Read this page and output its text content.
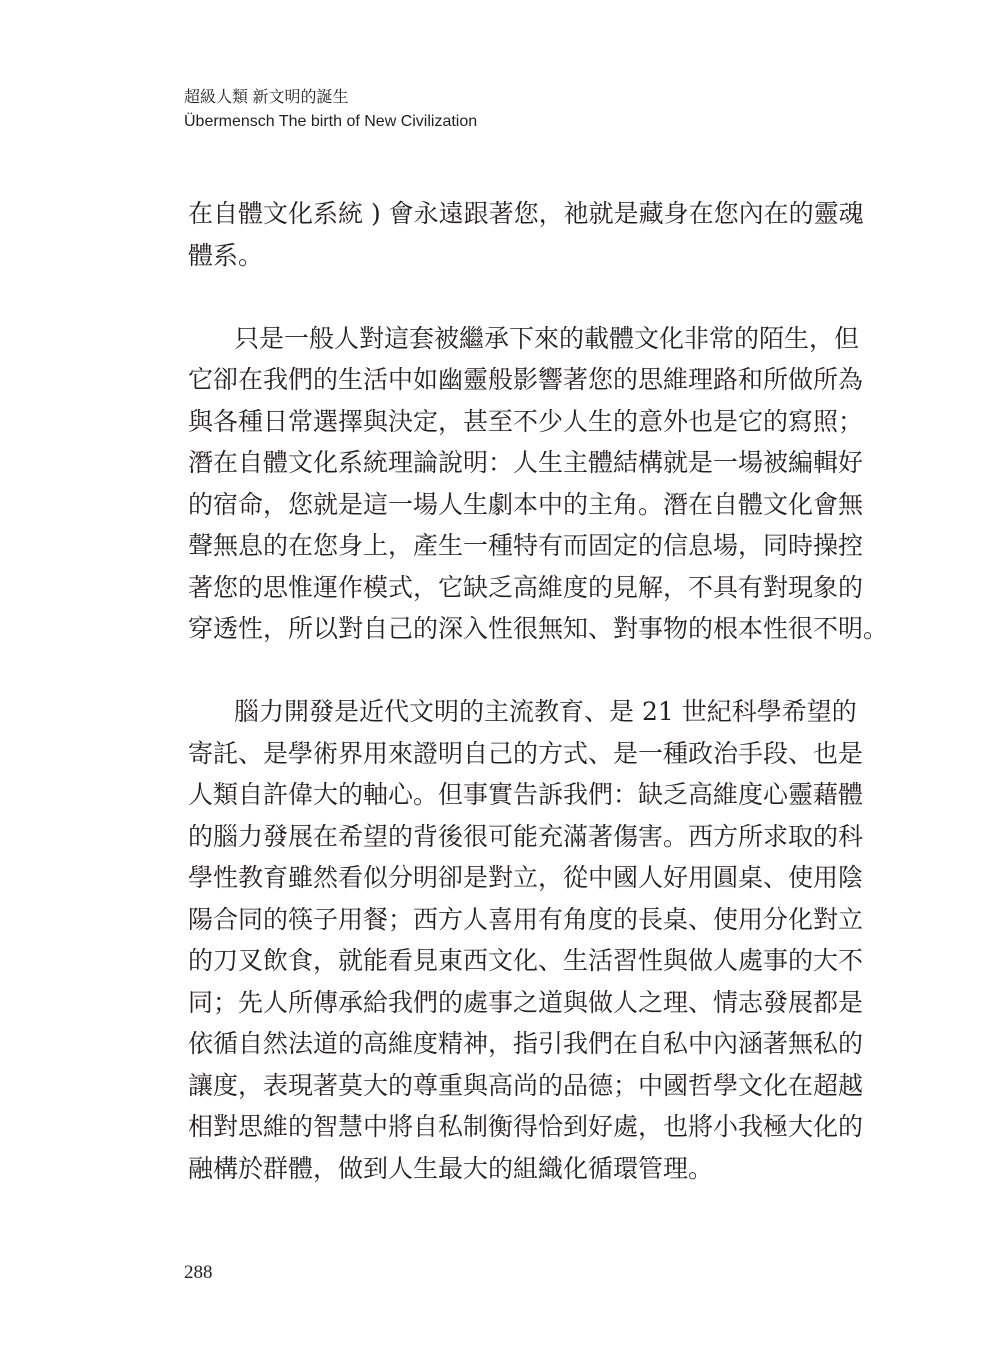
超級人類 新文明的誕生
Übermensch The birth of New Civilization
在自體文化系統 ) 會永遠跟著您，祂就是藏身在您內在的靈魂
體系。
只是一般人對這套被繼承下來的載體文化非常的陌生，但
它卻在我們的生活中如幽靈般影響著您的思維理路和所做所為
與各種日常選擇與決定，甚至不少人生的意外也是它的寫照；
潛在自體文化系統理論說明：人生主體結構就是一場被編輯好
的宿命，您就是這一場人生劇本中的主角。潛在自體文化會無
聲無息的在您身上，產生一種特有而固定的信息場，同時操控
著您的思惟運作模式，它缺乏高維度的見解，不具有對現象的
穿透性，所以對自己的深入性很無知、對事物的根本性很不明。
腦力開發是近代文明的主流教育、是 21 世紀科學希望的
寄託、是學術界用來證明自己的方式、是一種政治手段、也是
人類自許偉大的軸心。但事實告訴我們：缺乏高維度心靈藉體
的腦力發展在希望的背後很可能充滿著傷害。西方所求取的科
學性教育雖然看似分明卻是對立，從中國人好用圓桌、使用陰
陽合同的筷子用餐；西方人喜用有角度的長桌、使用分化對立
的刀叉飲食，就能看見東西文化、生活習性與做人處事的大不
同；先人所傳承給我們的處事之道與做人之理、情志發展都是
依循自然法道的高維度精神，指引我們在自私中內涵著無私的
讓度，表現著莫大的尊重與高尚的品德；中國哲學文化在超越
相對思維的智慧中將自私制衡得恰到好處，也將小我極大化的
融構於群體，做到人生最大的組織化循環管理。
288
